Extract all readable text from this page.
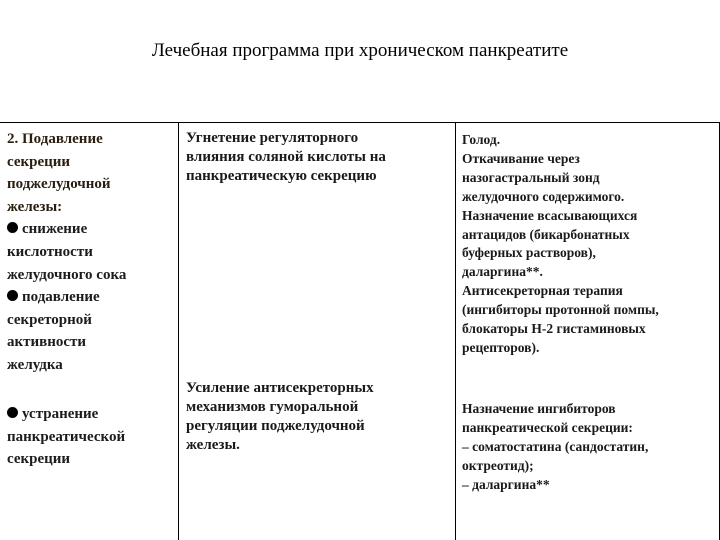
Лечебная программа при хроническом панкреатите
2. Подавление
секреции
поджелудочной
железы:
снижение
кислотности
желудочного сока
подавление
секреторной
активности
желудка
устранение
панкреатической
секреции
Угнетение регуляторного
влияния соляной кислоты на
панкреатическую секрецию
Усиление антисекреторных
механизмов гуморальной
регуляции поджелудочной
железы.
Голод.
Откачивание через
назогастральный зонд
желудочного содержимого.
Назначение всасывающихся
антацидов (бикарбонатных
буферных растворов),
даларгина**.
Антисекреторная терапия
(ингибиторы протонной помпы,
блокаторы Н-2 гистаминовых
рецепторов).
Назначение ингибиторов
панкреатической секреции:
– соматостатина (сандостатин,
октреотид);
– даларгина**
